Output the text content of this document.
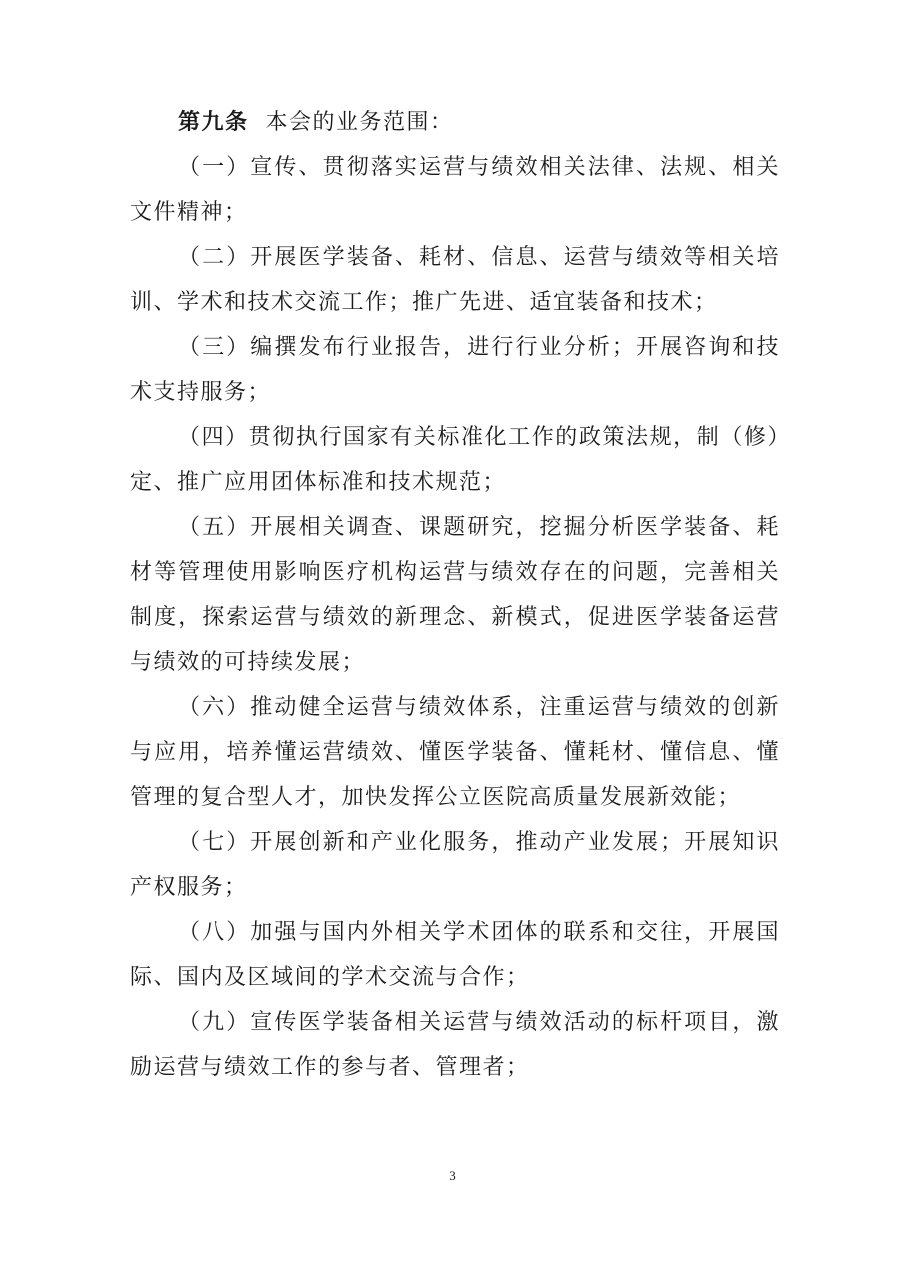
第九条 本会的业务范围：

（一）宣传、贯彻落实运营与绩效相关法律、法规、相关文件精神；

（二）开展医学装备、耗材、信息、运营与绩效等相关培训、学术和技术交流工作；推广先进、适宜装备和技术；

（三）编撰发布行业报告，进行行业分析；开展咨询和技术支持服务；

（四）贯彻执行国家有关标准化工作的政策法规，制（修）定、推广应用团体标准和技术规范；

（五）开展相关调查、课题研究，挖掘分析医学装备、耗材等管理使用影响医疗机构运营与绩效存在的问题，完善相关制度，探索运营与绩效的新理念、新模式，促进医学装备运营与绩效的可持续发展；

（六）推动健全运营与绩效体系，注重运营与绩效的创新与应用，培养懂运营绩效、懂医学装备、懂耗材、懂信息、懂管理的复合型人才，加快发挥公立医院高质量发展新效能；

（七）开展创新和产业化服务，推动产业发展；开展知识产权服务；

（八）加强与国内外相关学术团体的联系和交往，开展国际、国内及区域间的学术交流与合作；

（九）宣传医学装备相关运营与绩效活动的标杆项目，激励运营与绩效工作的参与者、管理者；

3
